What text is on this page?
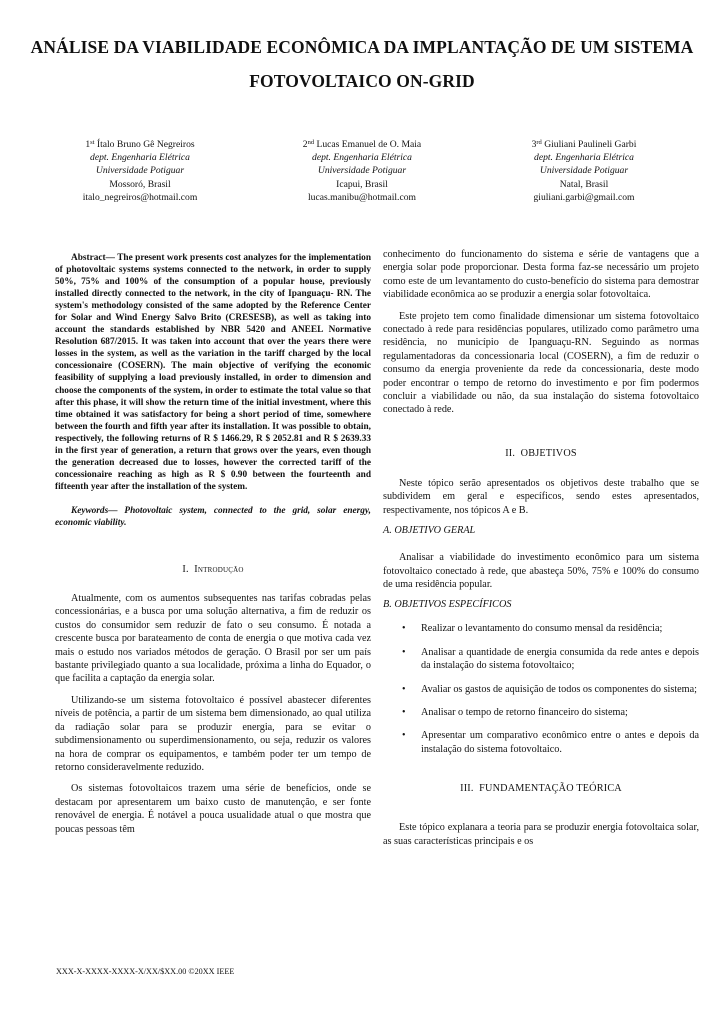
ANÁLISE DA VIABILIDADE ECONÔMICA DA IMPLANTAÇÃO DE UM SISTEMA FOTOVOLTAICO ON-GRID
1st Ítalo Bruno Gê Negreiros
dept. Engenharia Elétrica
Universidade Potiguar
Mossoró, Brasil
italo_negreiros@hotmail.com
2nd Lucas Emanuel de O. Maia
dept. Engenharia Elétrica
Universidade Potiguar
Icapui, Brasil
lucas.manibu@hotmail.com
3rd Giuliani Paulineli Garbi
dept. Engenharia Elétrica
Universidade Potiguar
Natal, Brasil
giuliani.garbi@gmail.com

Abstract— The present work presents cost analyzes for the implementation of photovoltaic systems systems connected to the network, in order to supply 50%, 75% and 100% of the consumption of a popular house, previously installed directly connected to the network, in the city of Ipanguaçu- RN. The system's methodology consisted of the same adopted by the Reference Center for Solar and Wind Energy Salvo Brito (CRESESB), as well as taking into account the standards established by NBR 5420 and ANEEL Normative Resolution 687/2015. It was taken into account that over the years there were losses in the system, as well as the variation in the tariff charged by the local concessionaire (COSERN). The main objective of verifying the economic feasibility of supplying a load previously installed, in order to dimension and choose the components of the system, in order to estimate the total value so that after this phase, it will show the return time of the initial investment, where this time obtained it was satisfactory for being a short period of time, somewhere between the fourth and fifth year after its installation. It was possible to obtain, respectively, the following returns of R $ 1466.29, R $ 2052.81 and R $ 2639.33 in the first year of generation, a return that grows over the years, even though the generation decreased due to losses, however the corrected tariff of the concessionaire reaching as high as R $ 0.90 between the fourteenth and fifteenth year after the installation of the system.

Keywords— Photovoltaic system, connected to the grid, solar energy, economic viability.

I. Introdução

Atualmente, com os aumentos subsequentes nas tarifas cobradas pelas concessionárias, e a busca por uma solução alternativa, a fim de reduzir os custos do consumidor sem reduzir de fato o seu consumo. É notada a crescente busca por barateamento de conta de energia o que motiva cada vez mais o estudo nos variados métodos de geração. O Brasil por ser um país bastante privilegiado quanto a sua localidade, próxima a linha do Equador, o que facilita a captação da energia solar.

Utilizando-se um sistema fotovoltaico é possível abastecer diferentes níveis de potência, a partir de um sistema bem dimensionado, ao qual utiliza da radiação solar para se produzir energia, para se evitar o subdimensionamento ou superdimensionamento, ou seja, reduzir os valores na hora de comprar os equipamentos, e também poder ter um tempo de retorno consideravelmente reduzido.

Os sistemas fotovoltaicos trazem uma série de benefícios, onde se destacam por apresentarem um baixo custo de manutenção, e ser fonte renovável de energia. É notável a pouca usualidade atual o que mostra que poucas pessoas têm

conhecimento do funcionamento do sistema e série de vantagens que a energia solar pode proporcionar. Desta forma faz-se necessário um projeto como este de um levantamento do custo-benefício do sistema para demostrar viabilidade econômica ao se produzir a energia solar fotovoltaica.

Este projeto tem como finalidade dimensionar um sistema fotovoltaico conectado à rede para residências populares, utilizado como parâmetro uma residência, no município de Ipanguaçu-RN. Seguindo as normas regulamentadoras da concessionaria local (COSERN), a fim de reduzir o consumo da energia proveniente da rede da concessionaria, deste modo poder encontrar o tempo de retorno do investimento e por fim podermos concluir a viabilidade ou não, da sua instalação do sistema fotovoltaico conectado à rede.

II. OBJETIVOS

Neste tópico serão apresentados os objetivos deste trabalho que se subdividem em geral e específicos, sendo estes apresentados, respectivamente, nos tópicos A e B.

A. OBJETIVO GERAL

Analisar a viabilidade do investimento econômico para um sistema fotovoltaico conectado à rede, que abasteça 50%, 75% e 100% do consumo de uma residência popular.

B. OBJETIVOS ESPECÍFICOS

• Realizar o levantamento do consumo mensal da residência;
• Analisar a quantidade de energia consumida da rede antes e depois da instalação do sistema fotovoltaico;
• Avaliar os gastos de aquisição de todos os componentes do sistema;
• Analisar o tempo de retorno financeiro do sistema;
• Apresentar um comparativo econômico entre o antes e depois da instalação do sistema fotovoltaico.
III. FUNDAMENTAÇÃO TEÓRICA

Este tópico explanara a teoria para se produzir energia fotovoltaica solar, as suas características principais e os

XXX-X-XXXX-XXXX-X/XX/$XX.00 ©20XX IEEE
